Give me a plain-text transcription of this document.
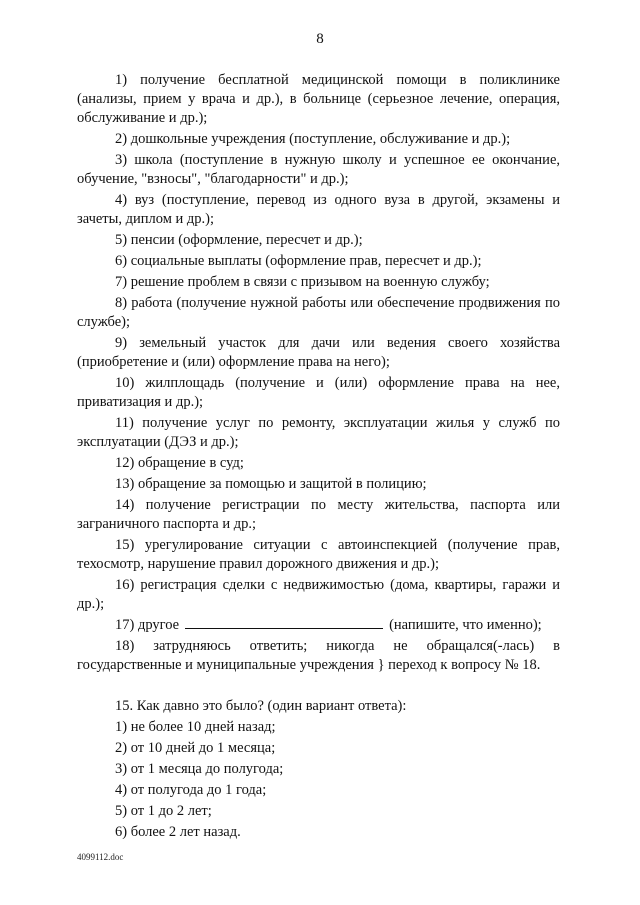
8

1) получение бесплатной медицинской помощи в поликлинике (анализы, прием у врача и др.), в больнице (серьезное лечение, операция, обслуживание и др.);

2) дошкольные учреждения (поступление, обслуживание и др.);

3) школа (поступление в нужную школу и успешное ее окончание, обучение, "взносы", "благодарности" и др.);

4) вуз (поступление, перевод из одного вуза в другой, экзамены и зачеты, диплом и др.);

5) пенсии (оформление, пересчет и др.);

6) социальные выплаты (оформление прав, пересчет и др.);

7) решение проблем в связи с призывом на военную службу;

8) работа (получение нужной работы или обеспечение продвижения по службе);

9) земельный участок для дачи или ведения своего хозяйства (приобретение и (или) оформление права на него);

10) жилплощадь (получение и (или) оформление права на нее, приватизация и др.);

11) получение услуг по ремонту, эксплуатации жилья у служб по эксплуатации (ДЭЗ и др.);

12) обращение в суд;

13) обращение за помощью и защитой в полицию;

14) получение регистрации по месту жительства, паспорта или заграничного паспорта и др.;

15) урегулирование ситуации с автоинспекцией (получение прав, техосмотр, нарушение правил дорожного движения и др.);

16) регистрация сделки с недвижимостью (дома, квартиры, гаражи и др.);

17) другое	(напишите, что именно);

18) затрудняюсь ответить; никогда не обращался(-лась) в государственные и муниципальные учреждения } переход к вопросу № 18.

15. Как давно это было? (один вариант ответа):

1) не более 10 дней назад;

2) от 10 дней до 1 месяца;

3) от 1 месяца до полугода;

4) от полугода до 1 года;

5) от 1 до 2 лет;

6) более 2 лет назад.

4099112.doc
